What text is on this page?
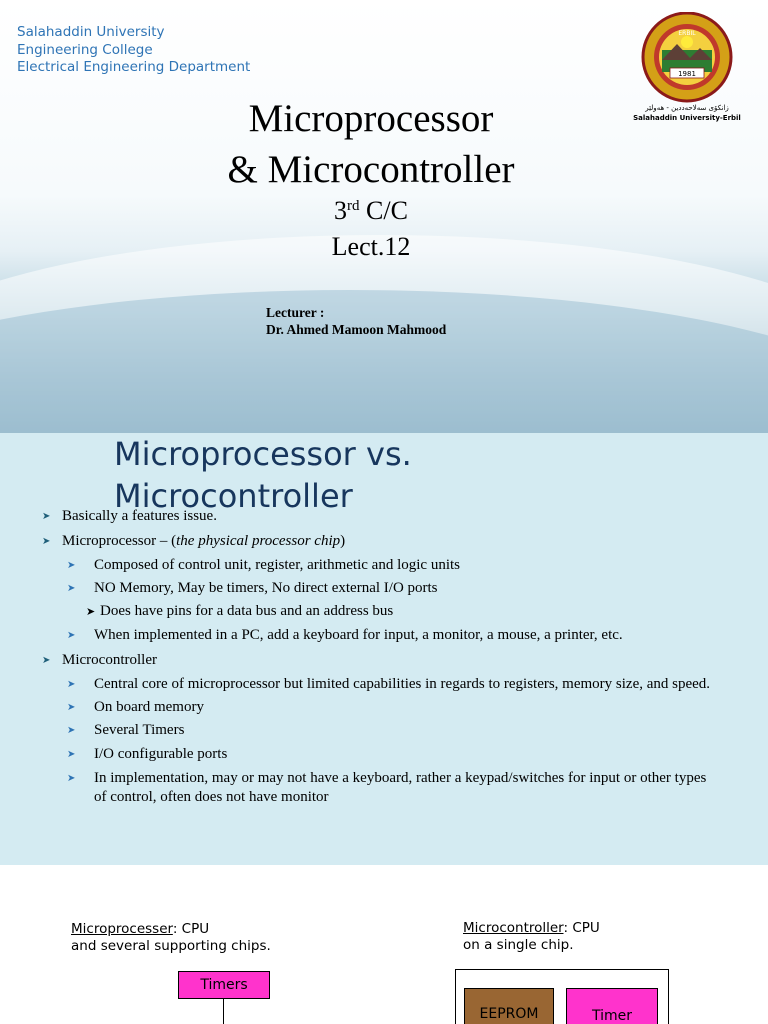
Salahaddin University
Engineering College
Electrical Engineering Department
Microprocessor
& Microcontroller
3rd C/C
Lect.12
Lecturer :
Dr. Ahmed Mamoon Mahmood
1981
ERBIL
زانكۆی سەلاحەددین - هەولێر
Salahaddin University-Erbil
Microprocessor vs.
Microcontroller
➤ Basically a features issue.
➤ Microprocessor – (the physical processor chip)
➤ Composed of control unit, register, arithmetic and logic units
➤ NO Memory, May be timers, No direct external I/O ports
➤ Does have pins for a data bus and an address bus
➤ When implemented in a PC, add a keyboard for input, a monitor, a mouse, a printer, etc.
➤ Microcontroller
➤ Central core of microprocessor but limited capabilities in regards to registers, memory size, and speed.
➤ On board memory
➤ Several Timers
➤ I/O configurable ports
➤ In implementation, may or may not have a keyboard, rather a keypad/switches for input or other types
of control, often does not have monitor
Microprocesser: CPU
and several supporting chips.
Microcontroller: CPU
on a single chip.
Timers
EEPROM	Timer
